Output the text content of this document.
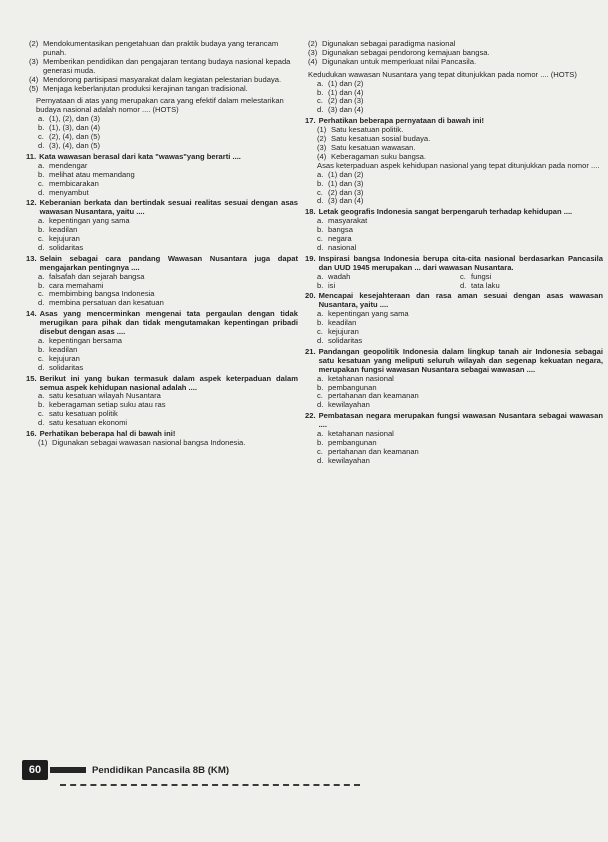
(2) Mendokumentasikan pengetahuan dan praktik budaya yang terancam punah.
(3) Memberikan pendidikan dan pengajaran tentang budaya nasional kepada generasi muda.
(4) Mendorong partisipasi masyarakat dalam kegiatan pelestarian budaya.
(5) Menjaga keberlanjutan produksi kerajinan tangan tradisional.
Pernyataan di atas yang merupakan cara yang efektif dalam melestarikan budaya nasional adalah nomor .... (HOTS)
a. (1), (2), dan (3)
b. (1), (3), dan (4)
c. (2), (4), dan (5)
d. (3), (4), dan (5)
11. Kata wawasan berasal dari kata "wawas"yang berarti ....
a. mendengar
b. melihat atau memandang
c. membicarakan
d. menyambut
12. Keberanian berkata dan bertindak sesuai realitas sesuai dengan asas wawasan Nusantara, yaitu ....
a. kepentingan yang sama
b. keadilan
c. kejujuran
d. solidaritas
13. Selain sebagai cara pandang Wawasan Nusantara juga dapat mengajarkan pentingnya ....
a. falsafah dan sejarah bangsa
b. cara memahami
c. membimbing bangsa Indonesia
d. membina persatuan dan kesatuan
14. Asas yang mencerminkan mengenai tata pergaulan dengan tidak merugikan para pihak dan tidak mengutamakan kepentingan pribadi disebut dengan asas ....
a. kepentingan bersama
b. keadilan
c. kejujuran
d. solidaritas
15. Berikut ini yang bukan termasuk dalam aspek keterpaduan dalam semua aspek kehidupan nasional adalah ....
a. satu kesatuan wilayah Nusantara
b. keberagaman setiap suku atau ras
c. satu kesatuan politik
d. satu kesatuan ekonomi
16. Perhatikan beberapa hal di bawah ini!
(1) Digunakan sebagai wawasan nasional bangsa Indonesia.
(2) Digunakan sebagai paradigma nasional
(3) Digunakan sebagai pendorong kemajuan bangsa.
(4) Digunakan untuk memperkuat nilai Pancasila.
Kedudukan wawasan Nusantara yang tepat ditunjukkan pada nomor .... (HOTS)
a. (1) dan (2)
b. (1) dan (4)
c. (2) dan (3)
d. (3) dan (4)
17. Perhatikan beberapa pernyataan di bawah ini!
(1) Satu kesatuan politik.
(2) Satu kesatuan sosial budaya.
(3) Satu kesatuan wawasan.
(4) Keberagaman suku bangsa.
Asas keterpaduan aspek kehidupan nasional yang tepat ditunjukkan pada nomor ....
a. (1) dan (2)
b. (1) dan (3)
c. (2) dan (3)
d. (3) dan (4)
18. Letak geografis Indonesia sangat berpengaruh terhadap kehidupan ....
a. masyarakat
b. bangsa
c. negara
d. nasional
19. Inspirasi bangsa Indonesia berupa cita-cita nasional berdasarkan Pancasila dan UUD 1945 merupakan ... dari wawasan Nusantara.
a. wadah	c. fungsi
b. isi	d. tata laku
20. Mencapai kesejahteraan dan rasa aman sesuai dengan asas wawasan Nusantara, yaitu ....
a. kepentingan yang sama
b. keadilan
c. kejujuran
d. solidaritas
21. Pandangan geopolitik Indonesia dalam lingkup tanah air Indonesia sebagai satu kesatuan yang meliputi seluruh wilayah dan segenap kekuatan negara, merupakan fungsi wawasan Nusantara sebagai wawasan ....
a. ketahanan nasional
b. pembangunan
c. pertahanan dan keamanan
d. kewilayahan
22. Pembatasan negara merupakan fungsi wawasan Nusantara sebagai wawasan ....
a. ketahanan nasional
b. pembangunan
c. pertahanan dan keamanan
d. kewilayahan
60	Pendidikan Pancasila 8B (KM)
